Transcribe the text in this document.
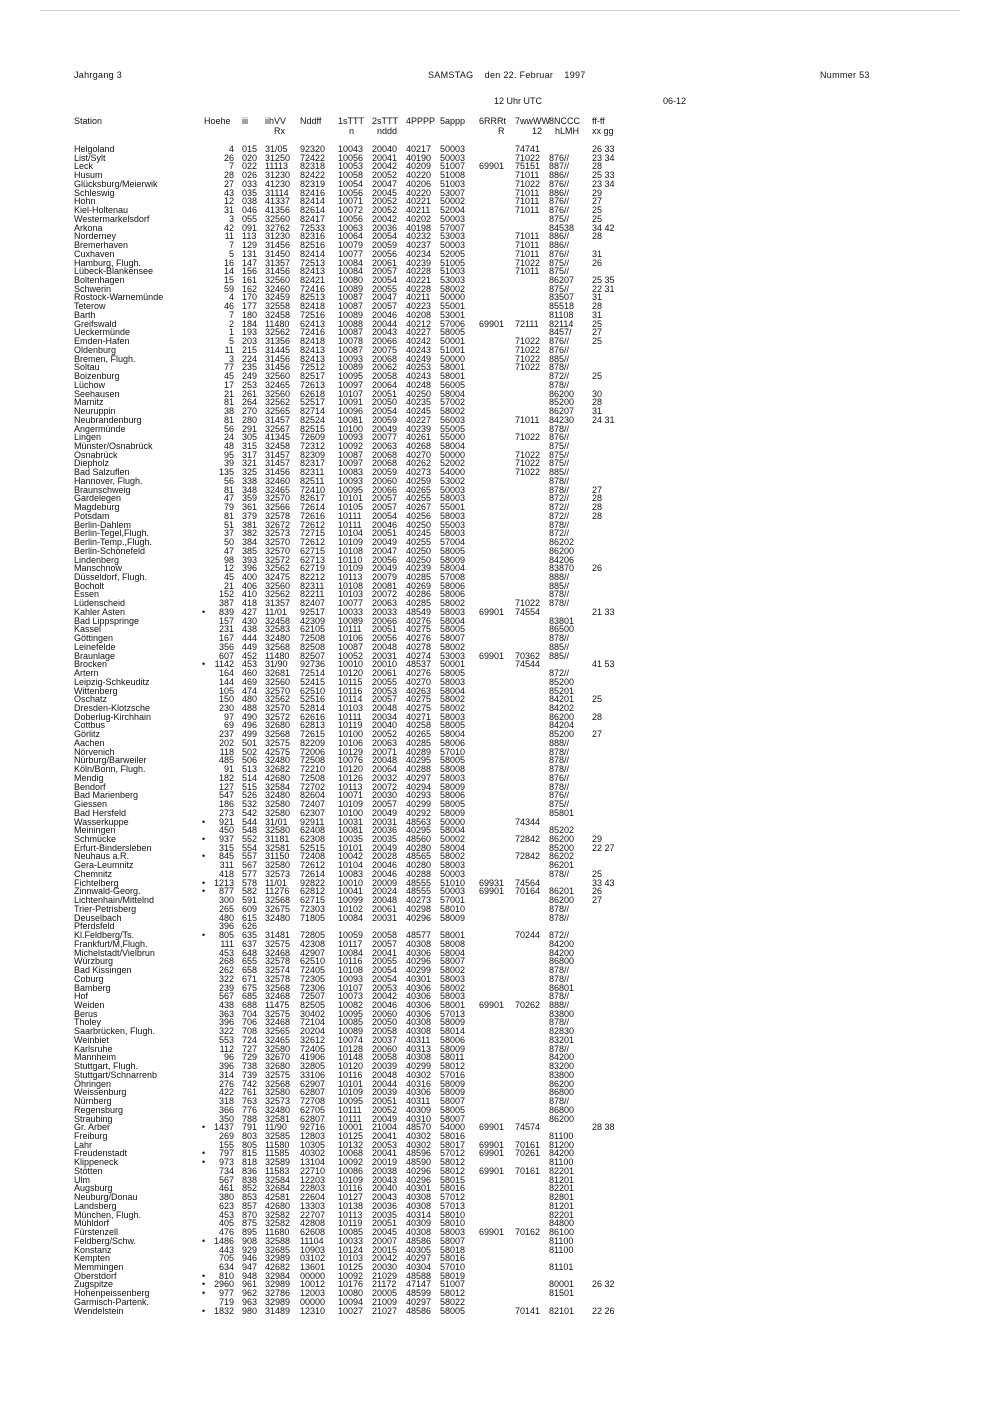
Jahrgang 3	SAMSTAG    den 22. Februar    1997	Nummer 53
12 Uhr UTC	06-12
Station	Hoehe iii iihVV Nddff 1sTTT 2sTTT 4PPPP 5appp 6RRRt 7wwWW 8NCCC ff-ff
Rx	n	nddd	R	12 hLMH xx gg
Helgoland	4 015 31/05 92320 10043 20040 40217 50003	74741	26 33
List/Sylt	26 020 31250 72422 10056 20041 40190 50003	71022 876//	23 34
Leck	7 022 11113 82318 10053 20042 40209 51007 69901 75151 887//	28
Husum	28 026 31230 82422 10058 20052 40220 51008	71011 886//	25 33
Glücksburg/Meierwik	27 033 41230 82319 10054 20047 40206 51003	71022 876//	23 34
Schleswig	43 035 31114 82416 10056 20045 40220 53007	71011 886//	29
Hohn	12 038 41337 82414 10071 20052 40221 50002	71011 876//	27
Kiel-Holtenau	31 046 41356 82614 10072 20052 40211 52004	71011 876//	25
Westermarkelsdorf	3 055 32560 82417 10056 20042 40202 50003	875//	25
Arkona	42 091 32762 72533 10063 20036 40198 57007	84538 34 42
Norderney	11 113 31230 82316 10064 20054 40232 53003	71011 886//	28
Bremerhaven	7 129 31456 82516 10079 20059 40237 50003	71011 886//
Cuxhaven	5 131 31450 82414 10077 20056 40234 52005	71011 876//	31
Hamburg, Flugh.	16 147 31357 72513 10084 20061 40239 51005	71022 875//	26
Lübeck-Blankensee	14 156 31456 82413 10084 20057 40228 51003	71011 875//
Boltenhagen	15 161 32560 82421 10080 20054 40221 53003	86207 25 35
Schwerin	59 162 32460 72416 10089 20055 40228 58002	875//	22 31
Rostock-Warnemünde	4 170 32459 82513 10087 20047 40211 50000	83507 31
Teterow	46 177 32558 82418 10087 20057 40223 55001	85518 28
Barth	7 180 32458 72516 10089 20046 40208 53001	81108 31
Greifswald	2 184 11480 62413 10088 20044 40212 57006 69901 72111 82114 25
Ueckermünde	1 193 32562 72416 10087 20043 40227 58005	8457/ 27
Emden-Hafen	5 203 31356 82418 10078 20066 40242 50001	71022 876//	25
Oldenburg	11 215 31445 82413 10087 20075 40243 51001	71022 876//
Bremen, Flugh.	3 224 31456 82413 10093 20068 40249 50000	71022 885//
Soltau	77 235 31456 72512 10089 20062 40253 58001	71022 878//
Boizenburg	45 249 32560 82517 10095 20058 40243 58001	872//	25
Lüchow	17 253 32465 72613 10097 20064 40248 56005	878//
Seehausen	21 261 32560 62618 10107 20051 40250 58004	86200 30
Marnitz	81 264 32562 52517 10091 20050 40235 57002	85200 28
Neuruppin	38 270 32565 82714 10096 20054 40245 58002	86207 31
Neubrandenburg	81 280 31457 82524 10081 20059 40227 56003	71011 84230 24 31
Angermünde	56 291 32567 82515 10100 20049 40239 55005	878//
Lingen	24 305 41345 72609 10093 20077 40261 55000	71022 876//
Münster/Osnabrück	48 315 32458 72312 10092 20063 40268 58004	875//
Osnabrück	95 317 31457 82309 10087 20068 40270 50000	71022 875//
Diepholz	39 321 31457 82317 10097 20068 40262 52002	71022 875//
Bad Salzuflen	135 325 31456 82311 10083 20059 40273 54000	71022 885//
Hannover, Flugh.	56 338 32460 82511 10093 20060 40259 53002	878//
Braunschweig	81 348 32465 72410 10095 20066 40265 50003	878//	27
Gardelegen	47 359 32570 82617 10101 20057 40255 58003	872//	28
Magdeburg	79 361 32566 72614 10105 20057 40267 55001	872//	28
Potsdam	81 379 32578 72616 10111 20054 40256 58003	872//	28
Berlin-Dahlem	51 381 32672 72612 10111 20046 40250 55003	878//
Berlin-Tegel,Flugh.	37 382 32573 72715 10104 20051 40245 58003	872//
Berlin-Temp.,Flugh.	50 384 32570 72612 10109 20049 40255 57004	86202
Berlin-Schönefeld	47 385 32570 62715 10108 20047 40250 58005	86200
Lindenberg	98 393 32572 62713 10110 20056 40250 58009	84206
Manschnow	12 396 32562 62719 10109 20049 40239 58004	83870 26
Düsseldorf, Flugh.	45 400 32475 82212 10113 20079 40285 57008	888//
Bocholt	21 406 32560 82311 10108 20081 40269 58006	885//
Essen	152 410 32562 82211 10103 20072 40286 58006	878//
Lüdenscheid	387 418 31357 82407 10077 20063 40285 58002	71022 878//
Kahler Asten	•	839 427 11/01 92517 10033 20033 48549 58003 69901 74554	21 33
Bad Lippspringe	157 430 32458 42309 10089 20066 40276 58004	83801
Kassel	231 438 32583 62105 10111 20051 40275 58005	86500
Göttingen	167 444 32480 72508 10106 20056 40276 58007	878//
Leinefelde	356 449 32568 82508 10087 20048 40278 58002	885//
Braunlage	607 452 11480 82507 10052 20031 40274 53003 69901 70362 885//
Brocken	•	1142 453 31/90 92736 10010 20010 48537 50001	74544	41 53
Artern	164 460 32681 72514 10120 20061 40276 58005	872//
Leipzig-Schkeuditz	144 469 32560 52415 10115 20055 40270 58003	85200
Wittenberg	105 474 32570 62510 10116 20053 40263 58004	85201
Oschatz	150 480 32562 52516 10114 20057 40275 58002	84201 25
Dresden-Klotzsche	230 488 32570 52814 10103 20048 40275 58002	84202
Doberlug-Kirchhain	97 490 32572 62616 10111 20034 40271 58003	86200 28
Cottbus	69 496 32680 62813 10119 20040 40258 58005	84204
Görlitz	237 499 32568 72615 10100 20052 40265 58004	85200 27
Aachen	202 501 32575 82209 10106 20063 40285 58006	888//
Nörvenich	118 502 42575 72006 10129 20071 40289 57010	878//
Nürburg/Barweiler	485 506 32480 72508 10076 20048 40295 58005	878//
Köln/Bonn, Flugh.	91 513 32682 72210 10120 20064 40288 58008	878//
Mendig	182 514 42680 72508 10126 20032 40297 58003	876//
Bendorf	127 515 32584 72702 10113 20072 40294 58009	878//
Bad Marienberg	547 526 32480 82604 10071 20030 40293 58006	876//
Giessen	186 532 32580 72407 10109 20057 40299 58005	875//
Bad Hersfeld	273 542 32580 62307 10100 20049 40292 58009	85801
Wasserkuppe	•	921 544 31/01 92911 10031 20031 48563 50000	74344
Meiningen	450 548 32580 62408 10081 20036 40295 58004	85202
Schmücke	•	937 552 31181 62308 10035 20035 48560 50002	72842 86200 29
Erfurt-Bindersleben	315 554 32581 52515 10101 20049 40280 58004	85200 22 27
Neuhaus a.R.	•	845 557 31150 72408 10042 20028 48565 58002	72842 86202
Gera-Leumnitz	311 567 32580 72612 10104 20046 40280 58003	86201
Chemnitz	418 577 32573 72614 10083 20046 40288 50003	878//	25
Fichtelberg	• 1213 578 11/01 92822 10010 20009 48555 51010 69931 74564	33 43
Zinnwald-Georg.	•	877 582 11276 62812 10041 20024 48555 50003 69901 70164 86201 26
Lichtenhain/Mittelnd	300 591 32568 62715 10099 20048 40273 57001	86200 27
Trier-Petrisberg	265 609 32675 72303 10102 20061 40298 58010	878//
Deuselbach	480 615 32480 71805 10084 20031 40296 58009	878//
Pferdsfeld	396 626
Kl.Feldberg/Ts.	•	805 635 31481 72805 10059 20058 48577 58001	70244 872//
Frankfurt/M,Flugh.	111 637 32575 42308 10117 20057 40308 58008	84200
Michelstadt/Vielbrun	453 648 32468 42907 10084 20041 40306 58004	84200
Würzburg	268 655 32578 62510 10116 20055 40296 58007	86800
Bad Kissingen	262 658 32574 72405 10108 20054 40299 58002	878//
Coburg	322 671 32578 72305 10093 20054 40301 58003	878//
Bamberg	239 675 32568 72306 10107 20053 40306 58002	86801
Hof	567 685 32468 72507 10073 20042 40306 58003	878//
Weiden	438 688 11475 82505 10082 20046 40306 58001 69901 70262 888//
Berus	363 704 32575 30402 10095 20060 40306 57013	83800
Tholey	396 706 32468 72104 10085 20050 40308 58009	878//
Saarbrücken, Flugh.	322 708 32565 20204 10089 20058 40308 58014	82830
Weinbiet	553 724 32465 32612 10074 20037 40311 58006	83201
Karlsruhe	112 727 32580 72405 10128 20060 40313 58009	878//
Mannheim	96 729 32670 41906 10148 20058 40308 58011	84200
Stuttgart, Flugh.	396 738 32680 32805 10120 20039 40299 58012	83200
Stuttgart/Schnarrenb	314 739 32575 33106 10116 20048 40302 57016	83800
Öhringen	276 742 32568 62907 10101 20044 40316 58009	86200
Weissenburg	422 761 32580 62807 10109 20039 40306 58009	86800
Nürnberg	318 763 32573 72708 10095 20051 40311 58007	878//
Regensburg	366 776 32480 62705 10111 20052 40309 58005	86800
Straubing	350 788 32581 62807 10111 20049 40310 58007	86200
Gr. Arber	• 1437 791 11/90 92716 10001 21004 48570 54000 69901 74574	28 38
Freiburg	269 803 32585 12803 10125 20041 40302 58016	81100
Lahr	155 805 11580 10305 10132 20053 40302 58017 69901 70161 81200
Freudenstadt	•	797 815 11585 40302 10068 20041 48596 57012 69901 70261 84200
Klippeneck	•	973 818 32589 13104 10092 20019 48590 58012	81100
Stötten	734 836 11583 22710 10086 20038 40296 58012 69901 70161 82201
Ulm	567 838 32584 12203 10109 20043 40296 58015	81201
Augsburg	461 852 32684 22803 10116 20040 40301 58016	82201
Neuburg/Donau	380 853 42581 22604 10127 20043 40308 57012	82801
Landsberg	623 857 42680 13303 10138 20036 40308 57013	81201
München, Flugh.	453 870 32582 22707 10113 20035 40314 58010	82201
Mühldorf	405 875 32582 42808 10119 20051 40309 58010	84800
Fürstenzell	476 895 11680 62608 10085 20045 40308 58003 69901 70162 86100
Feldberg/Schw.	• 1486 908 32588 11104 10033 20007 48586 58007	81100
Konstanz	443 929 32685 10903 10124 20015 40305 58018	81100
Kempten	705 946 32989 03102 10103 20042 40297 58016
Memmingen	634 947 42682 13601 10125 20030 40304 57010	81101
Oberstdorf	•	810 948 32984 00000 10092 21029 48588 58019
Zugspitze	• 2960 961 32989 10012 10176 21172 47147 51007	80001 26 32
Hohenpeissenberg	•	977 962 32786 12003 10080 20005 48599 58012	81501
Garmisch-Partenk.	719 963 32989 00000 10094 21009 40297 58022
Wendelstein	• 1832 980 31489 12310 10027 21027 48586 58005	70141 82101 22 26
